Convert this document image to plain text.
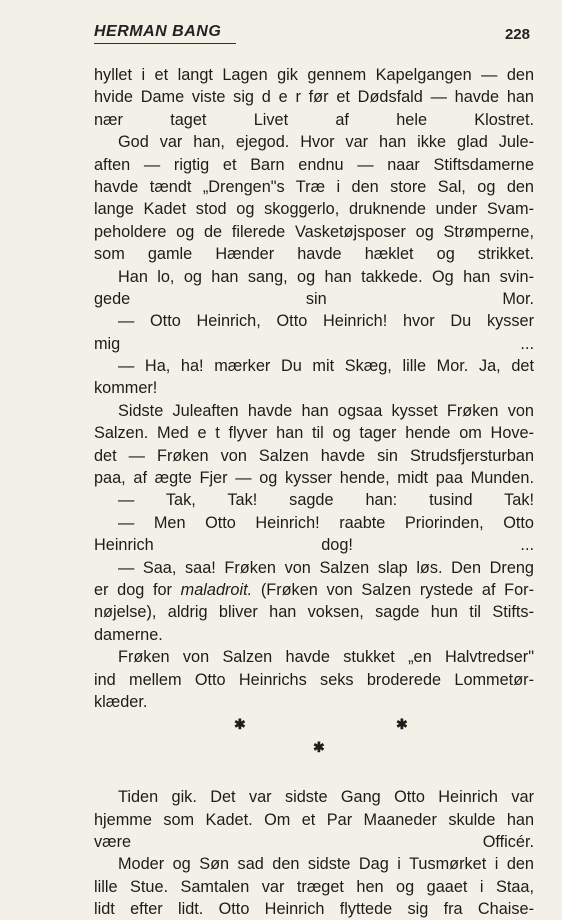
HERMAN BANG	228
hyllet i et langt Lagen gik gennem Kapelgangen — den
hvide Dame viste sig d e r før et Dødsfald — havde han
nær taget Livet af hele Klostret.
God var han, ejegod. Hvor var han ikke glad Jule-
aften — rigtig et Barn endnu — naar Stiftsdamerne
havde tændt „Drengen"s Træ i den store Sal, og den
lange Kadet stod og skoggerlo, druknende under Svam-
peholdere og de filerede Vasketøjsposer og Strømperne,
som gamle Hænder havde hæklet og strikket.
Han lo, og han sang, og han takkede. Og han svin-
gede sin Mor.
— Otto Heinrich, Otto Heinrich! hvor Du kysser
mig ...
— Ha, ha! mærker Du mit Skæg, lille Mor. Ja, det
kommer!
Sidste Juleaften havde han ogsaa kysset Frøken von
Salzen. Med e t flyver han til og tager hende om Hove-
det — Frøken von Salzen havde sin Strudsfjersturban
paa, af ægte Fjer — og kysser hende, midt paa Munden.
— Tak, Tak! sagde han: tusind Tak!
— Men Otto Heinrich! raabte Priorinden, Otto
Heinrich dog! ...
— Saa, saa! Frøken von Salzen slap løs. Den Dreng
er dog for maladroit. (Frøken von Salzen rystede af For-
nøjelse), aldrig bliver han voksen, sagde hun til Stifts-
damerne.
Frøken von Salzen havde stukket „en Halvtredser"
ind mellem Otto Heinrichs seks broderede Lommetør-
klæder.
✱	✱
✱
Tiden gik. Det var sidste Gang Otto Heinrich var
hjemme som Kadet. Om et Par Maaneder skulde han
være Officér.
Moder og Søn sad den sidste Dag i Tusmørket i den
lille Stue. Samtalen var træget hen og gaaet i Staa,
lidt efter lidt. Otto Heinrich flyttede sig fra Chaise-
